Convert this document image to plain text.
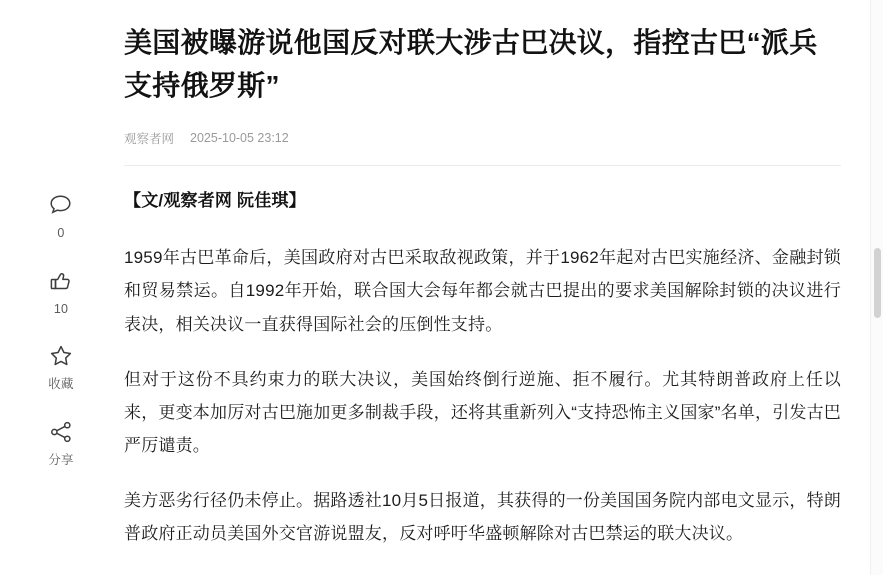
0
10
收藏
分享
美国被曝游说他国反对联大涉古巴决议，指控古巴“派兵支持俄罗斯”
观察者网 2025-10-05 23:12

【文/观察者网 阮佳琪】

1959年古巴革命后，美国政府对古巴采取敌视政策，并于1962年起对古巴实施经济、金融封锁和贸易禁运。自1992年开始，联合国大会每年都会就古巴提出的要求美国解除封锁的决议进行表决，相关决议一直获得国际社会的压倒性支持。

但对于这份不具约束力的联大决议，美国始终倒行逆施、拒不履行。尤其特朗普政府上任以来，更变本加厉对古巴施加更多制裁手段，还将其重新列入“支持恐怖主义国家”名单，引发古巴严厉谴责。

美方恶劣行径仍未停止。据路透社10月5日报道，其获得的一份美国国务院内部电文显示，特朗普政府正动员美国外交官游说盟友，反对呼吁华盛顿解除对古巴禁运的联大决议。
